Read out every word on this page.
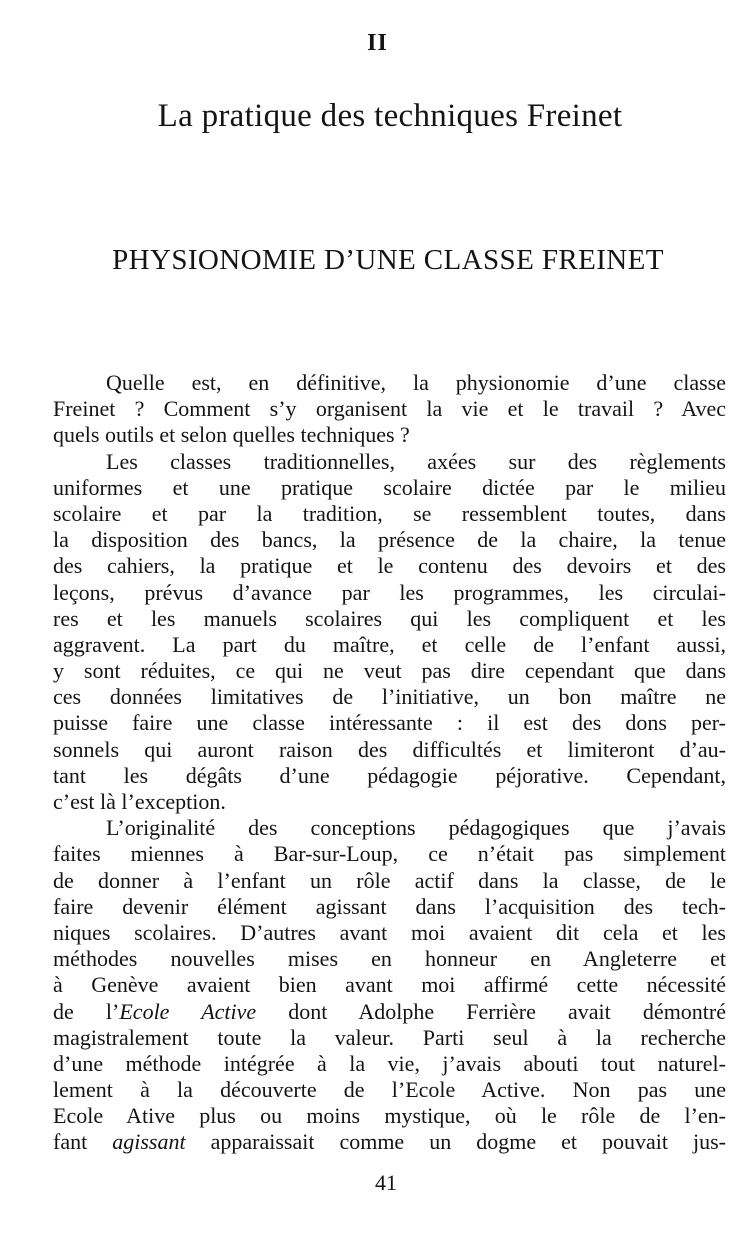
II
La pratique des techniques Freinet
PHYSIONOMIE D’UNE CLASSE FREINET
Quelle est, en définitive, la physionomie d’une classe
Freinet ? Comment s’y organisent la vie et le travail ? Avec
quels outils et selon quelles techniques ?
Les classes traditionnelles, axées sur des règlements
uniformes et une pratique scolaire dictée par le milieu
scolaire et par la tradition, se ressemblent toutes, dans
la disposition des bancs, la présence de la chaire, la tenue
des cahiers, la pratique et le contenu des devoirs et des
leçons, prévus d’avance par les programmes, les circulai-
res et les manuels scolaires qui les compliquent et les
aggravent. La part du maître, et celle de l’enfant aussi,
y sont réduites, ce qui ne veut pas dire cependant que dans
ces données limitatives de l’initiative, un bon maître ne
puisse faire une classe intéressante : il est des dons per-
sonnels qui auront raison des difficultés et limiteront d’au-
tant les dégâts d’une pédagogie péjorative. Cependant,
c’est là l’exception.
L’originalité des conceptions pédagogiques que j’avais
faites miennes à Bar-sur-Loup, ce n’était pas simplement
de donner à l’enfant un rôle actif dans la classe, de le
faire devenir élément agissant dans l’acquisition des tech-
niques scolaires. D’autres avant moi avaient dit cela et les
méthodes nouvelles mises en honneur en Angleterre et
à Genève avaient bien avant moi affirmé cette nécessité
de l’Ecole Active dont Adolphe Ferrière avait démontré
magistralement toute la valeur. Parti seul à la recherche
d’une méthode intégrée à la vie, j’avais abouti tout naturel-
lement à la découverte de l’Ecole Active. Non pas une
Ecole Ative plus ou moins mystique, où le rôle de l’en-
fant agissant apparaissait comme un dogme et pouvait jus-
41
